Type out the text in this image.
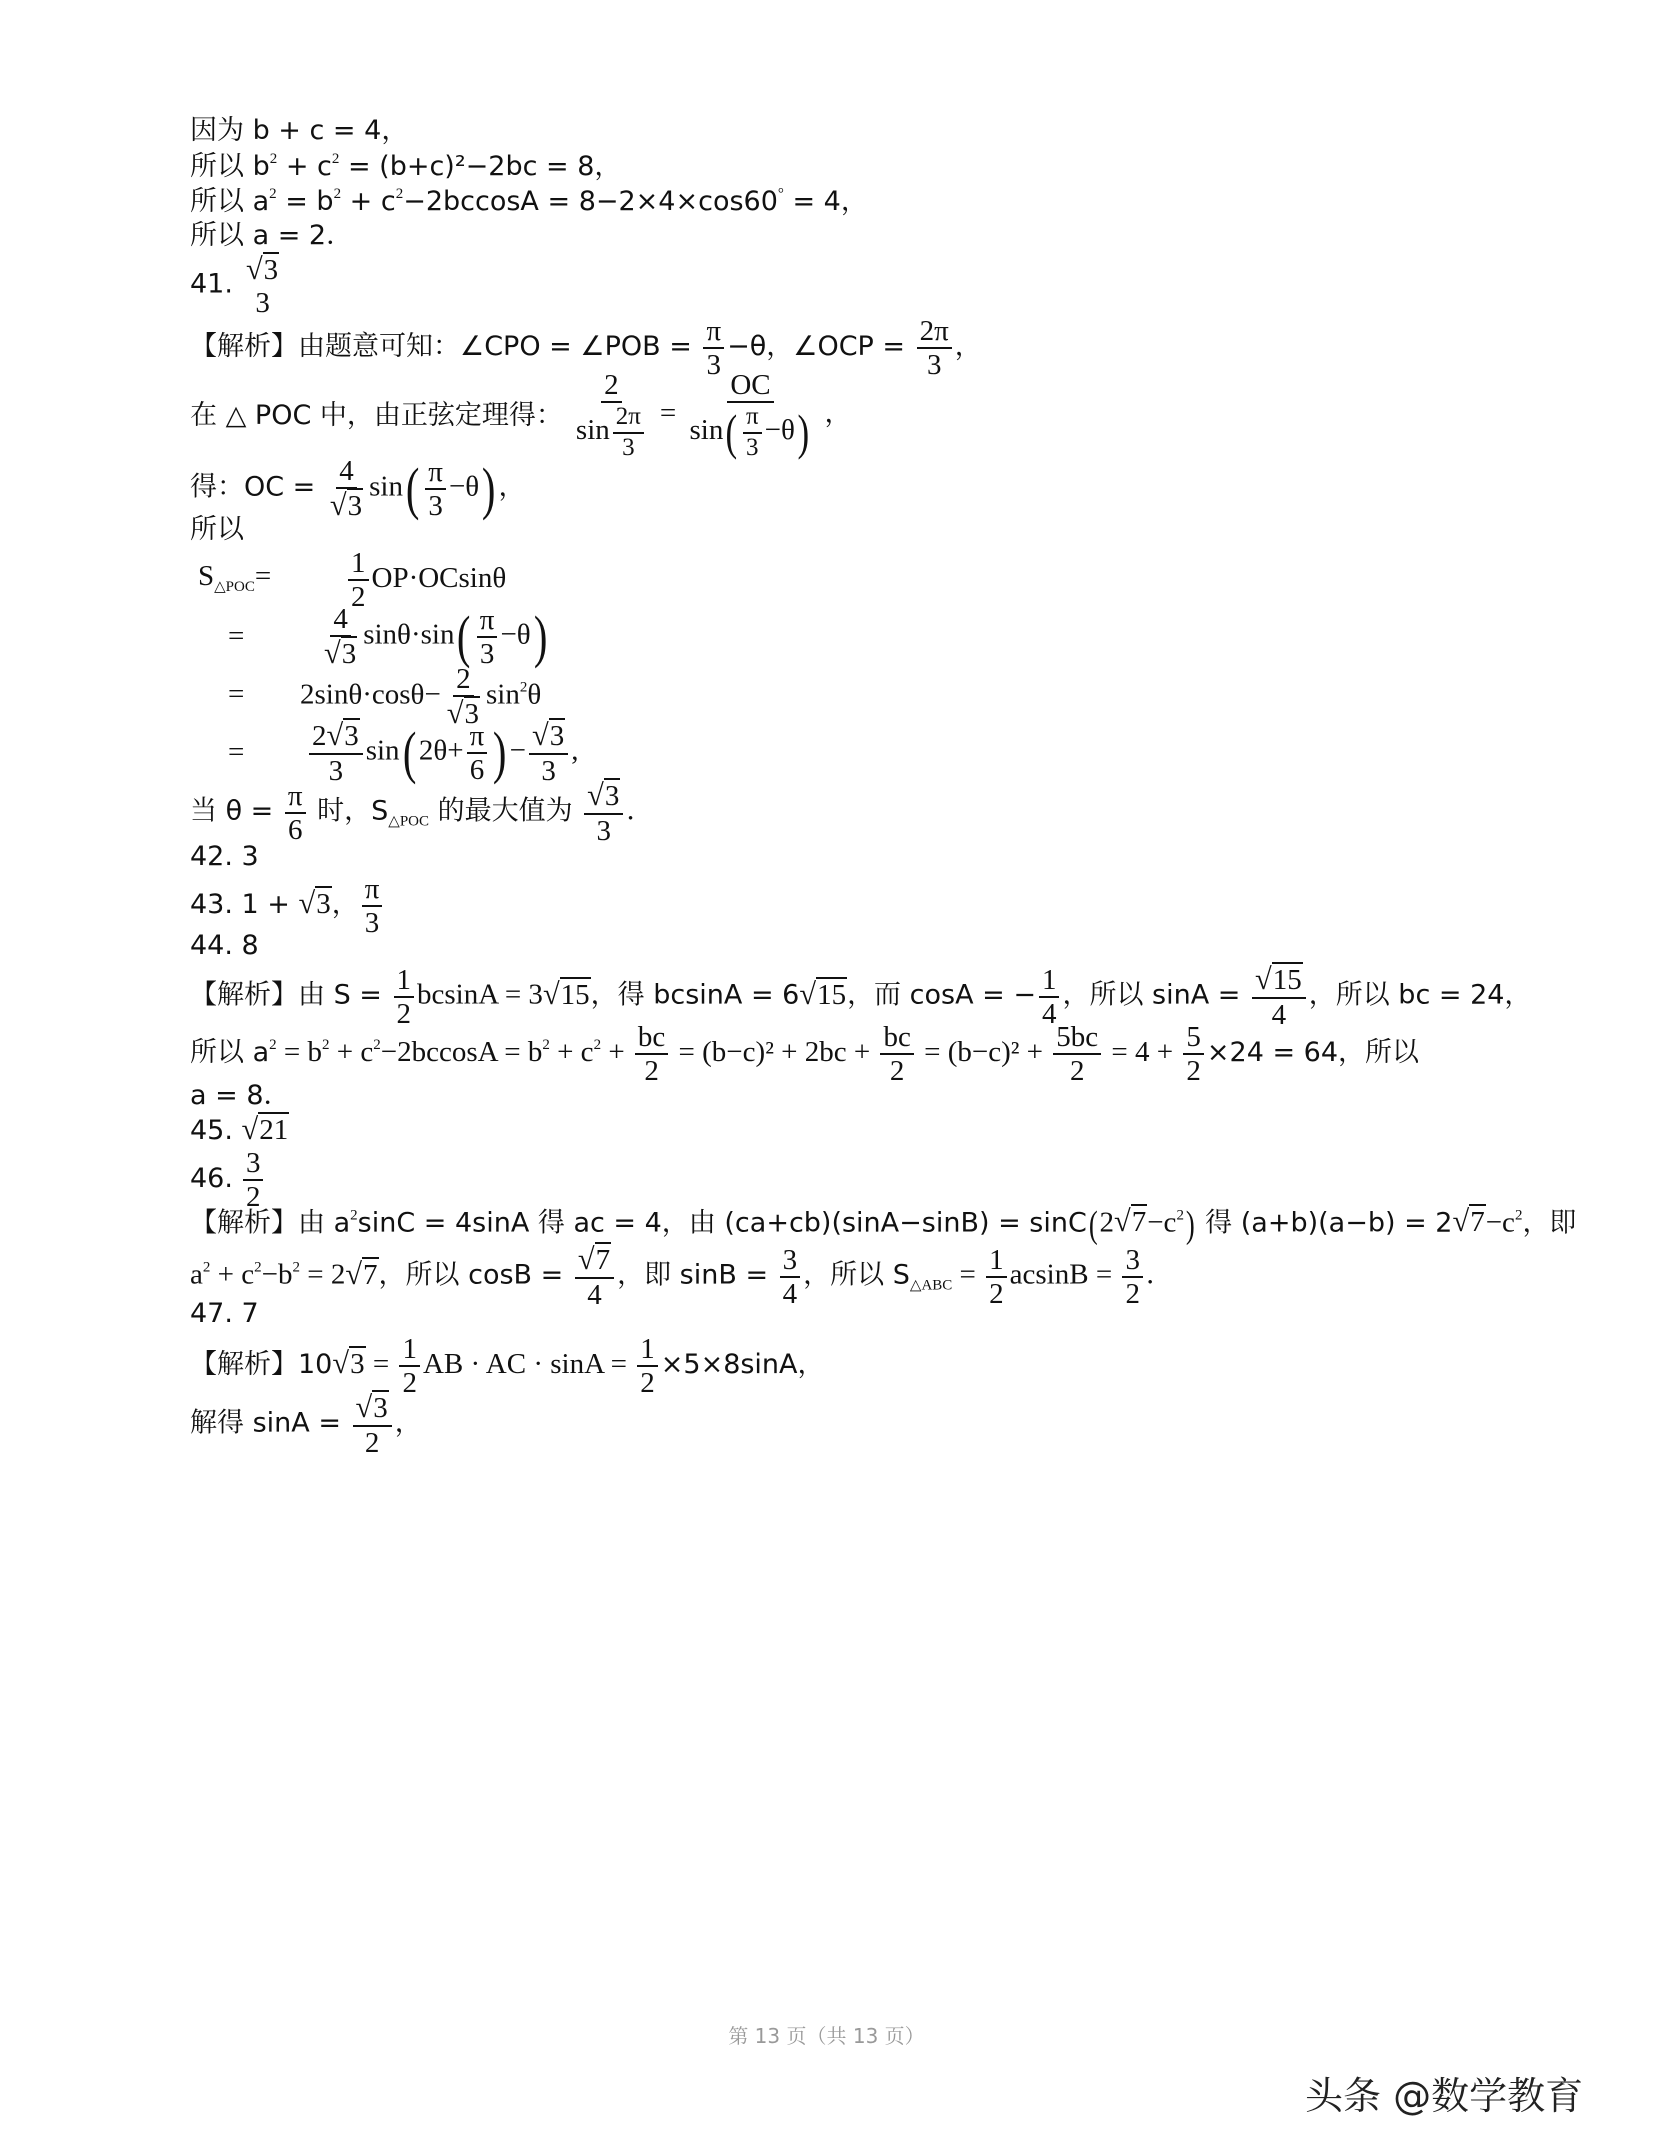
因为 b + c = 4，
所以 $b^2 + c^2 = (b+c)^2-2bc = 8$，
所以 $a^2 = b^2 + c^2-2bccosA = 8-2\times 4\times\cos 60^\circ = 4$，
所以 a = 2．
41. √3
3
【解析】由题意可知：∠CPO = ∠POB = $\frac{\pi}{3} -\theta$，∠OCP = $\frac{2\pi}{3}$ ，
在 △ POC 中，由正弦定理得： $\frac{2}{\sin \frac{2\pi}{3}} = \frac{OC}{\sin( \frac{\pi}{3} -\theta)}$ ，
得：OC = $\frac{4}{√3} \sin( \frac{\pi}{3} -\theta)$ ，
所以
$S_{\triangle POC}=$	$\frac{1}{2} OP\cdot OCsin\theta$
=	$\frac{4}{√3} \sin\theta\cdot\sin( \frac{\pi}{3} -\theta)$
= $2\sin\theta\cdot\cos\theta- \frac{2}{√3} \sin^2\theta$
= $\frac{2√3}{3} \sin(2\theta+ \frac{\pi}{6}$ )− $\frac{√3}{3}$ ,
当 $\theta = \frac{\pi}{6}$ 时，$S_{\triangle POC}$ 的最大值为 $\frac{√3}{3}$ ．
42. 3
43. 1 + √3， $\frac{\pi}{3}$
44. 8
【解析】由 $S = \frac{1}{2}$ bcsinA = 3√15，得 bcsinA = 6√15，而 cosA = − $\frac{1}{4}$ ，所以 $\sin A = \frac{√15}{4}$ ，所以 bc = 24，
所以 $a^2 = b^2 + c^2-2bccosA = b^2 + c^2 + \frac{bc}{2} = (b-c)^2 + 2bc + \frac{bc}{2} = (b-c)^2 + \frac{5bc}{2} = 4 + \frac{5}{2} \times 24 = 64$，所以
a = 8．
45. √21
46. $\frac{3}{2}$
【解析】由 $a^2\sin C = 4\sin A$ 得 ac = 4，由 $(ca+cb)(\sin A-\sin B) = \sin C(2√7-c^2)$ 得 $(a+b)(a-b) = 2√7-c^2$，即
$a^2 + c^2-b^2 = 2√7$，所以 $\cos B = \frac{√7}{4}$ ，即 $\sin B = \frac{3}{4}$ ，所以 $S_{\triangle ABC} = \frac{1}{2}$ $acsinB = \frac{3}{2}$ ．
47. 7
【解析】$10√3 = \frac{1}{2}$ AB · AC · $\sin A = \frac{1}{2} \times 5\times 8\sin A$，
解得 $\sin A = \frac{√3}{2}$ ，
第 13 页（共 13 页）
头条 @数学教育
